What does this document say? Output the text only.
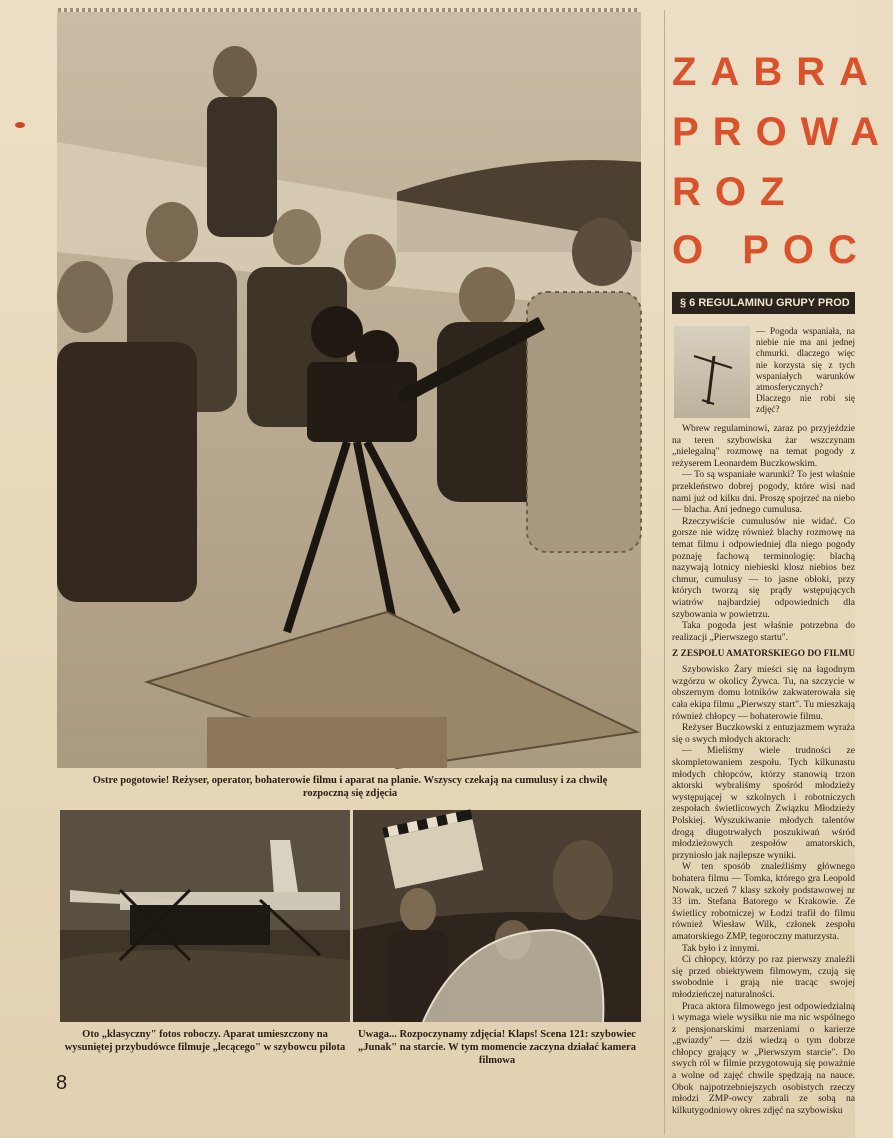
Ostre pogotowie! Reżyser, operator, bohaterowie filmu i aparat na planie. Wszyscy czekają na cumulusy i za chwilę rozpoczną się zdjęcia
Oto „klasyczny" fotos roboczy. Aparat umieszczony na wysuniętej przybudówce filmuje „lecącego" w szybowcu pilota
Uwaga... Rozpoczynamy zdjęcia! Klaps! Scena 121: szybowiec „Junak" na starcie. W tym momencie zaczyna działać kamera filmowa
ZABRA
PROWA
ROZ
O POC
§ 6 REGULAMINU GRUPY PROD
— Pogoda wspaniała, na niebie nie ma ani jednej chmurki. dlaczego więc nie korzysta się z tych wspaniałych warunków atmosferycznych? Dlaczego nie robi się zdjęć?

Wbrew regulaminowi, zaraz po przyjeździe na teren szybowiska żar wszczynam „nielegalną" rozmowę na temat pogody z reżyserem Leonardem Buczkowskim.

— To są wspaniałe warunki? To jest właśnie przekleństwo dobrej pogody, które wisi nad nami już od kilku dni. Proszę spojrzeć na niebo — blacha. Ani jednego cumulusa.

Rzeczywiście cumulusów nie widać. Co gorsze nie widzę również blachy rozmowę na temat filmu i odpowiedniej dla niego pogody poznaję fachową terminologię: blachą nazywają lotnicy niebieski klosz niebios bez chmur, cumulusy — to jasne obłoki, przy których tworzą się prądy wstępujących wiatrów najbardziej odpowiednich dla szybowania w powietrzu.

Taka pogoda jest właśnie potrzebna do realizacji „Pierwszego startu".

Z ZESPOŁU AMATORSKIEGO DO FILMU

Szybowisko Żary mieści się na łagodnym wzgórzu w okolicy Żywca. Tu, na szczycie w obszernym domu lotników zakwaterowała się cała ekipa filmu „Pierwszy start". Tu mieszkają również chłopcy — bohaterowie filmu.

Reżyser Buczkowski z entuzjazmem wyraża się o swych młodych aktorach:

— Mieliśmy wiele trudności ze skompletowaniem zespołu. Tych kilkunastu młodych chłopców, którzy stanowią trzon aktorski wybraliśmy spośród młodzieży występującej w szkolnych i robotniczych zespołach świetlicowych Związku Młodzieży Polskiej. Wyszukiwanie młodych talentów drogą długotrwałych poszukiwań wśród młodzieżowych zespołów amatorskich, przyniosło jak najlepsze wyniki.

W ten sposób znaleźliśmy głównego bohatera filmu — Tomka, którego gra Leopold Nowak, uczeń 7 klasy szkoły podstawowej nr 33 im. Stefana Batorego w Krakowie. Ze świetlicy robotniczej w Łodzi trafił do filmu również Wiesław Wilk, członek zespołu amatorskiego ZMP, tegoroczny maturzysta.

Tak było i z innymi.

Ci chłopcy, którzy po raz pierwszy znaleźli się przed obiektywem filmowym, czują się swobodnie i grają nie tracąc swojej młodzieńczej naturalności.

Praca aktora filmowego jest odpowiedzialną i wymaga wiele wysiłku nie ma nic wspólnego z pensjonarskimi marzeniami o karierze „gwiazdy" — dziś wiedzą o tym dobrze chłopcy grający w „Pierwszym starcie". Do swych ról w filmie przygotowują się poważnie a wolne od zajęć chwile spędzają na nauce. Obok najpotrzebniejszych osobistych rzeczy młodzi ZMP-owcy zabrali ze sobą na kilkutygodniowy okres zdjęć na szybowisku

8
